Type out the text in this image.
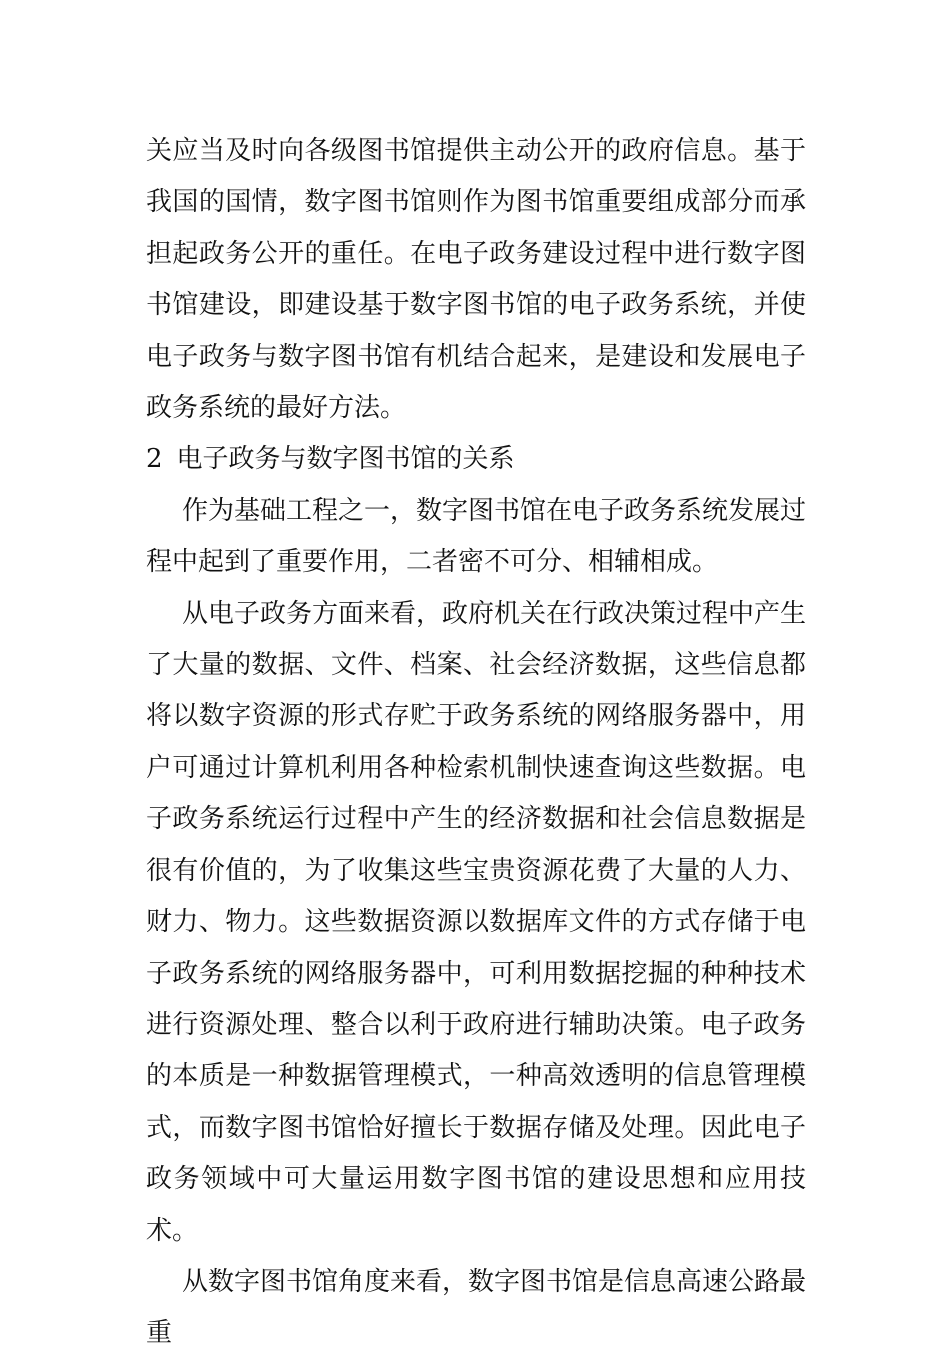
关应当及时向各级图书馆提供主动公开的政府信息。基于我国的国情，数字图书馆则作为图书馆重要组成部分而承担起政务公开的重任。在电子政务建设过程中进行数字图书馆建设，即建设基于数字图书馆的电子政务系统，并使电子政务与数字图书馆有机结合起来，是建设和发展电子政务系统的最好方法。

2 电子政务与数字图书馆的关系

作为基础工程之一，数字图书馆在电子政务系统发展过程中起到了重要作用，二者密不可分、相辅相成。

从电子政务方面来看，政府机关在行政决策过程中产生了大量的数据、文件、档案、社会经济数据，这些信息都将以数字资源的形式存贮于政务系统的网络服务器中，用户可通过计算机利用各种检索机制快速查询这些数据。电子政务系统运行过程中产生的经济数据和社会信息数据是很有价值的，为了收集这些宝贵资源花费了大量的人力、财力、物力。这些数据资源以数据库文件的方式存储于电子政务系统的网络服务器中，可利用数据挖掘的种种技术进行资源处理、整合以利于政府进行辅助决策。电子政务的本质是一种数据管理模式，一种高效透明的信息管理模式，而数字图书馆恰好擅长于数据存储及处理。因此电子政务领域中可大量运用数字图书馆的建设思想和应用技术。

从数字图书馆角度来看，数字图书馆是信息高速公路最重
